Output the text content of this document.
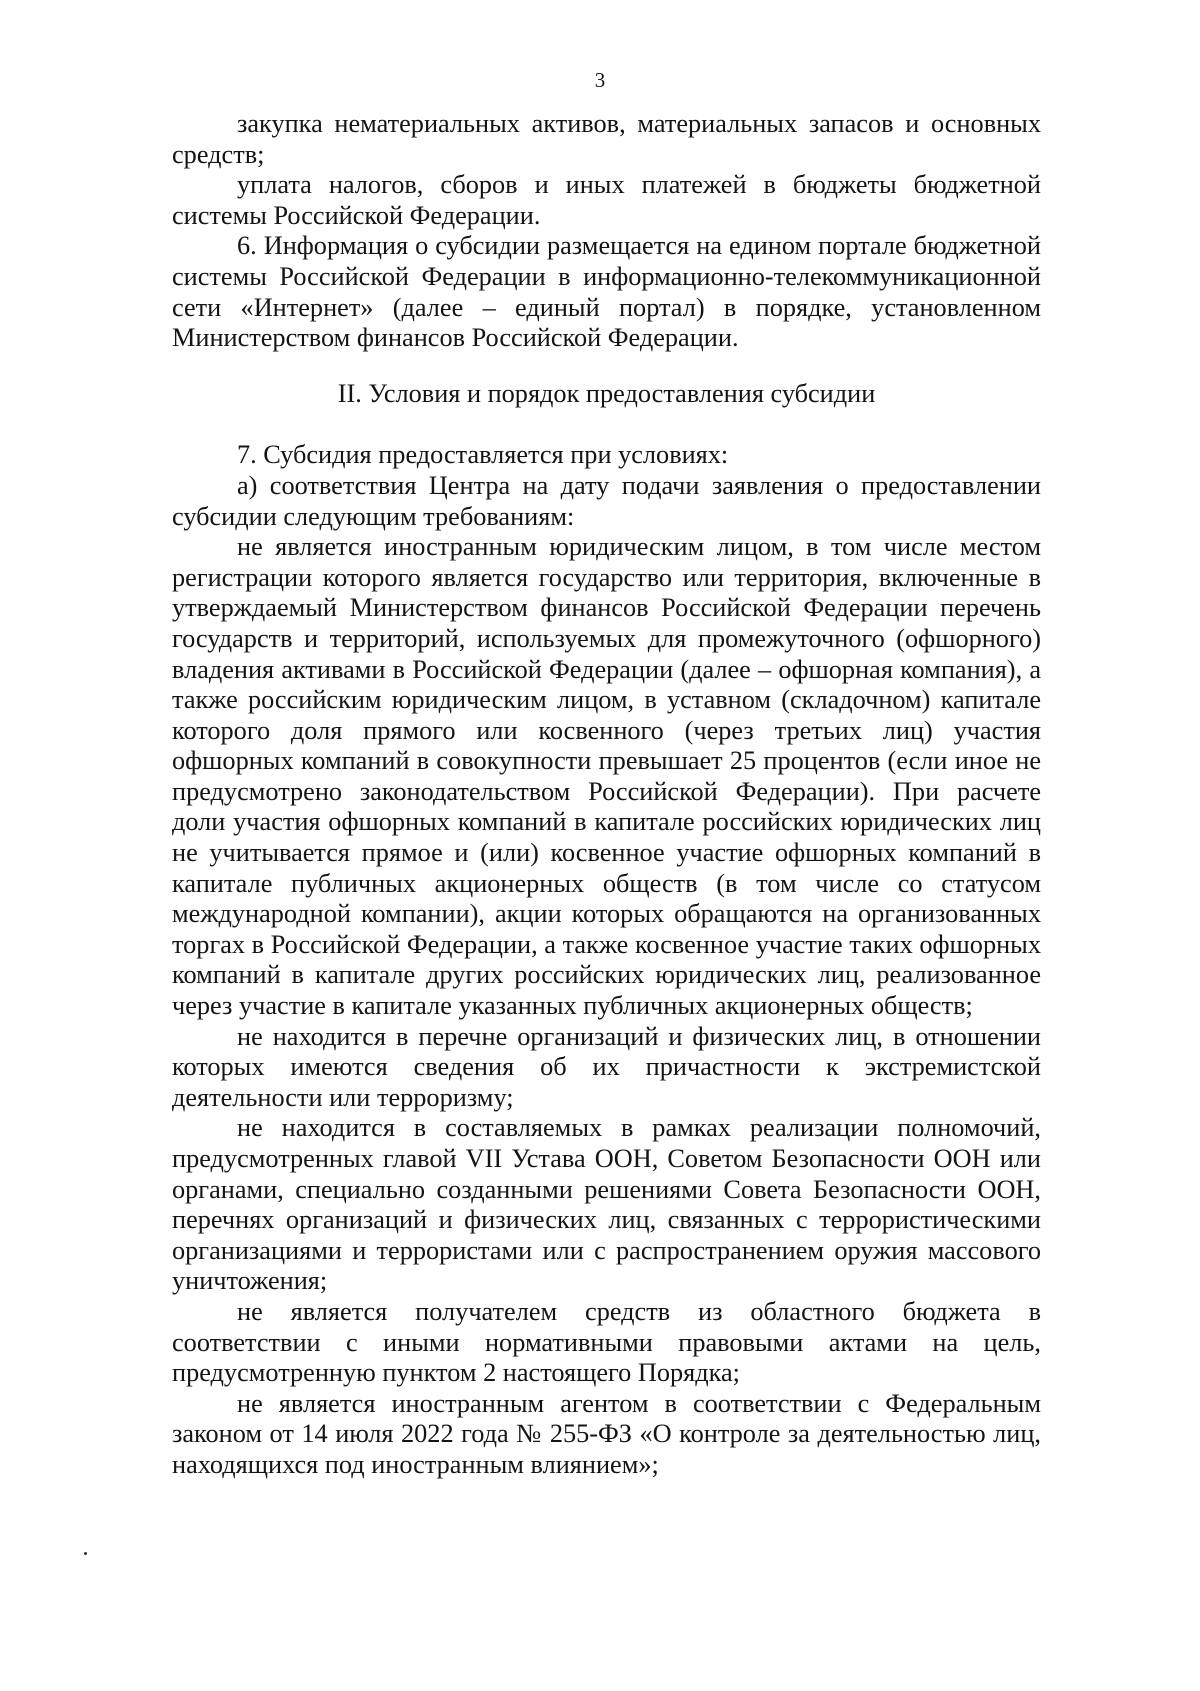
3

закупка нематериальных активов, материальных запасов и основных средств;

уплата налогов, сборов и иных платежей в бюджеты бюджетной системы Российской Федерации.

6. Информация о субсидии размещается на едином портале бюджетной системы Российской Федерации в информационно-телекоммуникационной сети «Интернет» (далее – единый портал) в порядке, установленном Министерством финансов Российской Федерации.

II. Условия и порядок предоставления субсидии

7. Субсидия предоставляется при условиях:

а) соответствия Центра на дату подачи заявления о предоставлении субсидии следующим требованиям:

не является иностранным юридическим лицом, в том числе местом регистрации которого является государство или территория, включенные в утверждаемый Министерством финансов Российской Федерации перечень государств и территорий, используемых для промежуточного (офшорного) владения активами в Российской Федерации (далее – офшорная компания), а также российским юридическим лицом, в уставном (складочном) капитале которого доля прямого или косвенного (через третьих лиц) участия офшорных компаний в совокупности превышает 25 процентов (если иное не предусмотрено законодательством Российской Федерации). При расчете доли участия офшорных компаний в капитале российских юридических лиц не учитывается прямое и (или) косвенное участие офшорных компаний в капитале публичных акционерных обществ (в том числе со статусом международной компании), акции которых обращаются на организованных торгах в Российской Федерации, а также косвенное участие таких офшорных компаний в капитале других российских юридических лиц, реализованное через участие в капитале указанных публичных акционерных обществ;

не находится в перечне организаций и физических лиц, в отношении которых имеются сведения об их причастности к экстремистской деятельности или терроризму;

не находится в составляемых в рамках реализации полномочий, предусмотренных главой VII Устава ООН, Советом Безопасности ООН или органами, специально созданными решениями Совета Безопасности ООН, перечнях организаций и физических лиц, связанных с террористическими организациями и террористами или с распространением оружия массового уничтожения;

не является получателем средств из областного бюджета в соответствии с иными нормативными правовыми актами на цель, предусмотренную пунктом 2 настоящего Порядка;

не является иностранным агентом в соответствии с Федеральным законом от 14 июля 2022 года № 255-ФЗ «О контроле за деятельностью лиц, находящихся под иностранным влиянием»;
